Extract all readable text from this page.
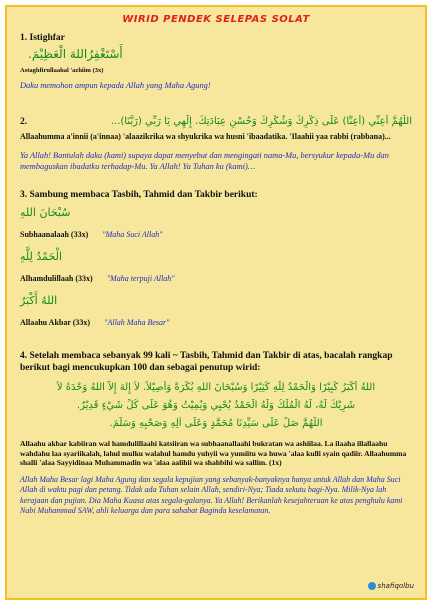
WIRID PENDEK SELEPAS SOLAT
1. Istighfar
أَسْتَغْفِرُاللهَ الْعَظِيْمَ.
Astaghfirullaahal 'azhiim (3x)
Daku memohon ampun kepada Allah yang Maha Agung!
2.	اللَّهُمَّ أَعِنِّي (أَعِنَّا) عَلَى ذِكْرِكَ وَشُكْرِكَ وَحُسْنِ عِبَادَتِكَ. إِلَهِي يَا رَبِّي (رَبَّنَا)...
Allaahumma a'innii (a'innaa) 'alaazikrika wa shyukrika wa husni 'ibaadatika. 'Ilaahii yaa rabbi (rabbana)...
Ya Allah! Bantulah daku (kami) supaya dapat menyebut dan mengingati nama-Mu, bersyukur kepada-Mu dan membaguskan ibadatku terhadap-Mu. Ya Allah! Ya Tuhan ku (kami)…
3. Sambung membaca Tasbih, Tahmid dan Takbir berikut:
سُبْحَانَ اللهِ
Subhaanalaah (33x) "Maha Suci Allah"
الْحَمْدُ لِلَّهِ
Alhamdulillaah (33x) "Maha terpuji Allah"
اللهُ أَكْبَرُ
Allaahu Akbar (33x) "Allah Maha Besar"
4. Setelah membaca sebanyak 99 kali ~ Tasbih, Tahmid dan Takbir di atas, bacalah rangkap berikut bagi mencukupkan 100 dan sebagai penutup wirid:
اللهُ أَكْبَرُ كَبِيْرًا وَالْحَمْدُ لِلَّهِ كَثِيْرًا وَسُبْحَانَ اللهِ بُكْرَةً وَأَصِيْلاً. لاَ إِلهَ إِلاَّ اللهُ وَحْدَهُ لاَ
شَرِيْكَ لَهُ، لَهُ الْمُلْكُ وَلَهُ الْحَمْدُ يُحْيِي وَيُمِيْتُ وَهُوَ عَلَى كُلِّ شَيْءٍ قَدِيْرٌ.
اللَّهُمَّ صَلِّ عَلَى سَيِّدِنَا مُحَمَّدٍ وَعَلَى آلِهِ وَصَحْبِهِ وَسَلَّمَ.
Allaahu akbar kabiiran wal hamdulillaahi katsiiran wa subhaanallaahi bukratan wa ashiilaa. La ilaaha illallaahu wahdahu laa syariikalah, lahul mulku walahul hamdu yuhyii wa yumiitu wa huwa 'alaa kulli syain qadiir. Allaahumma shalli 'alaa Sayyidinaa Muhammadin wa 'alaa aalihii wa shahbihi wa sallim. (1x)
Allah Maha Besar lagi Maha Agung dan segala kepujian yang sebanyak-banyaknya hanya untuk Allah dan Maha Suci Allah di waktu pagi dan petang. Tidak ada Tuhan selain Allah, sendiri-Nya; Tiada sekutu bagi-Nya. Milik-Nya lah kerajaan dan pujian. Dia Maha Kuasa atas segala-galanya. Ya Allah! Berikanlah kesejahteraan ke atas penghulu kami Nabi Muhammad SAW, ahli keluarga dan para sahabat Baginda keselamatan.
shafiqolbu
